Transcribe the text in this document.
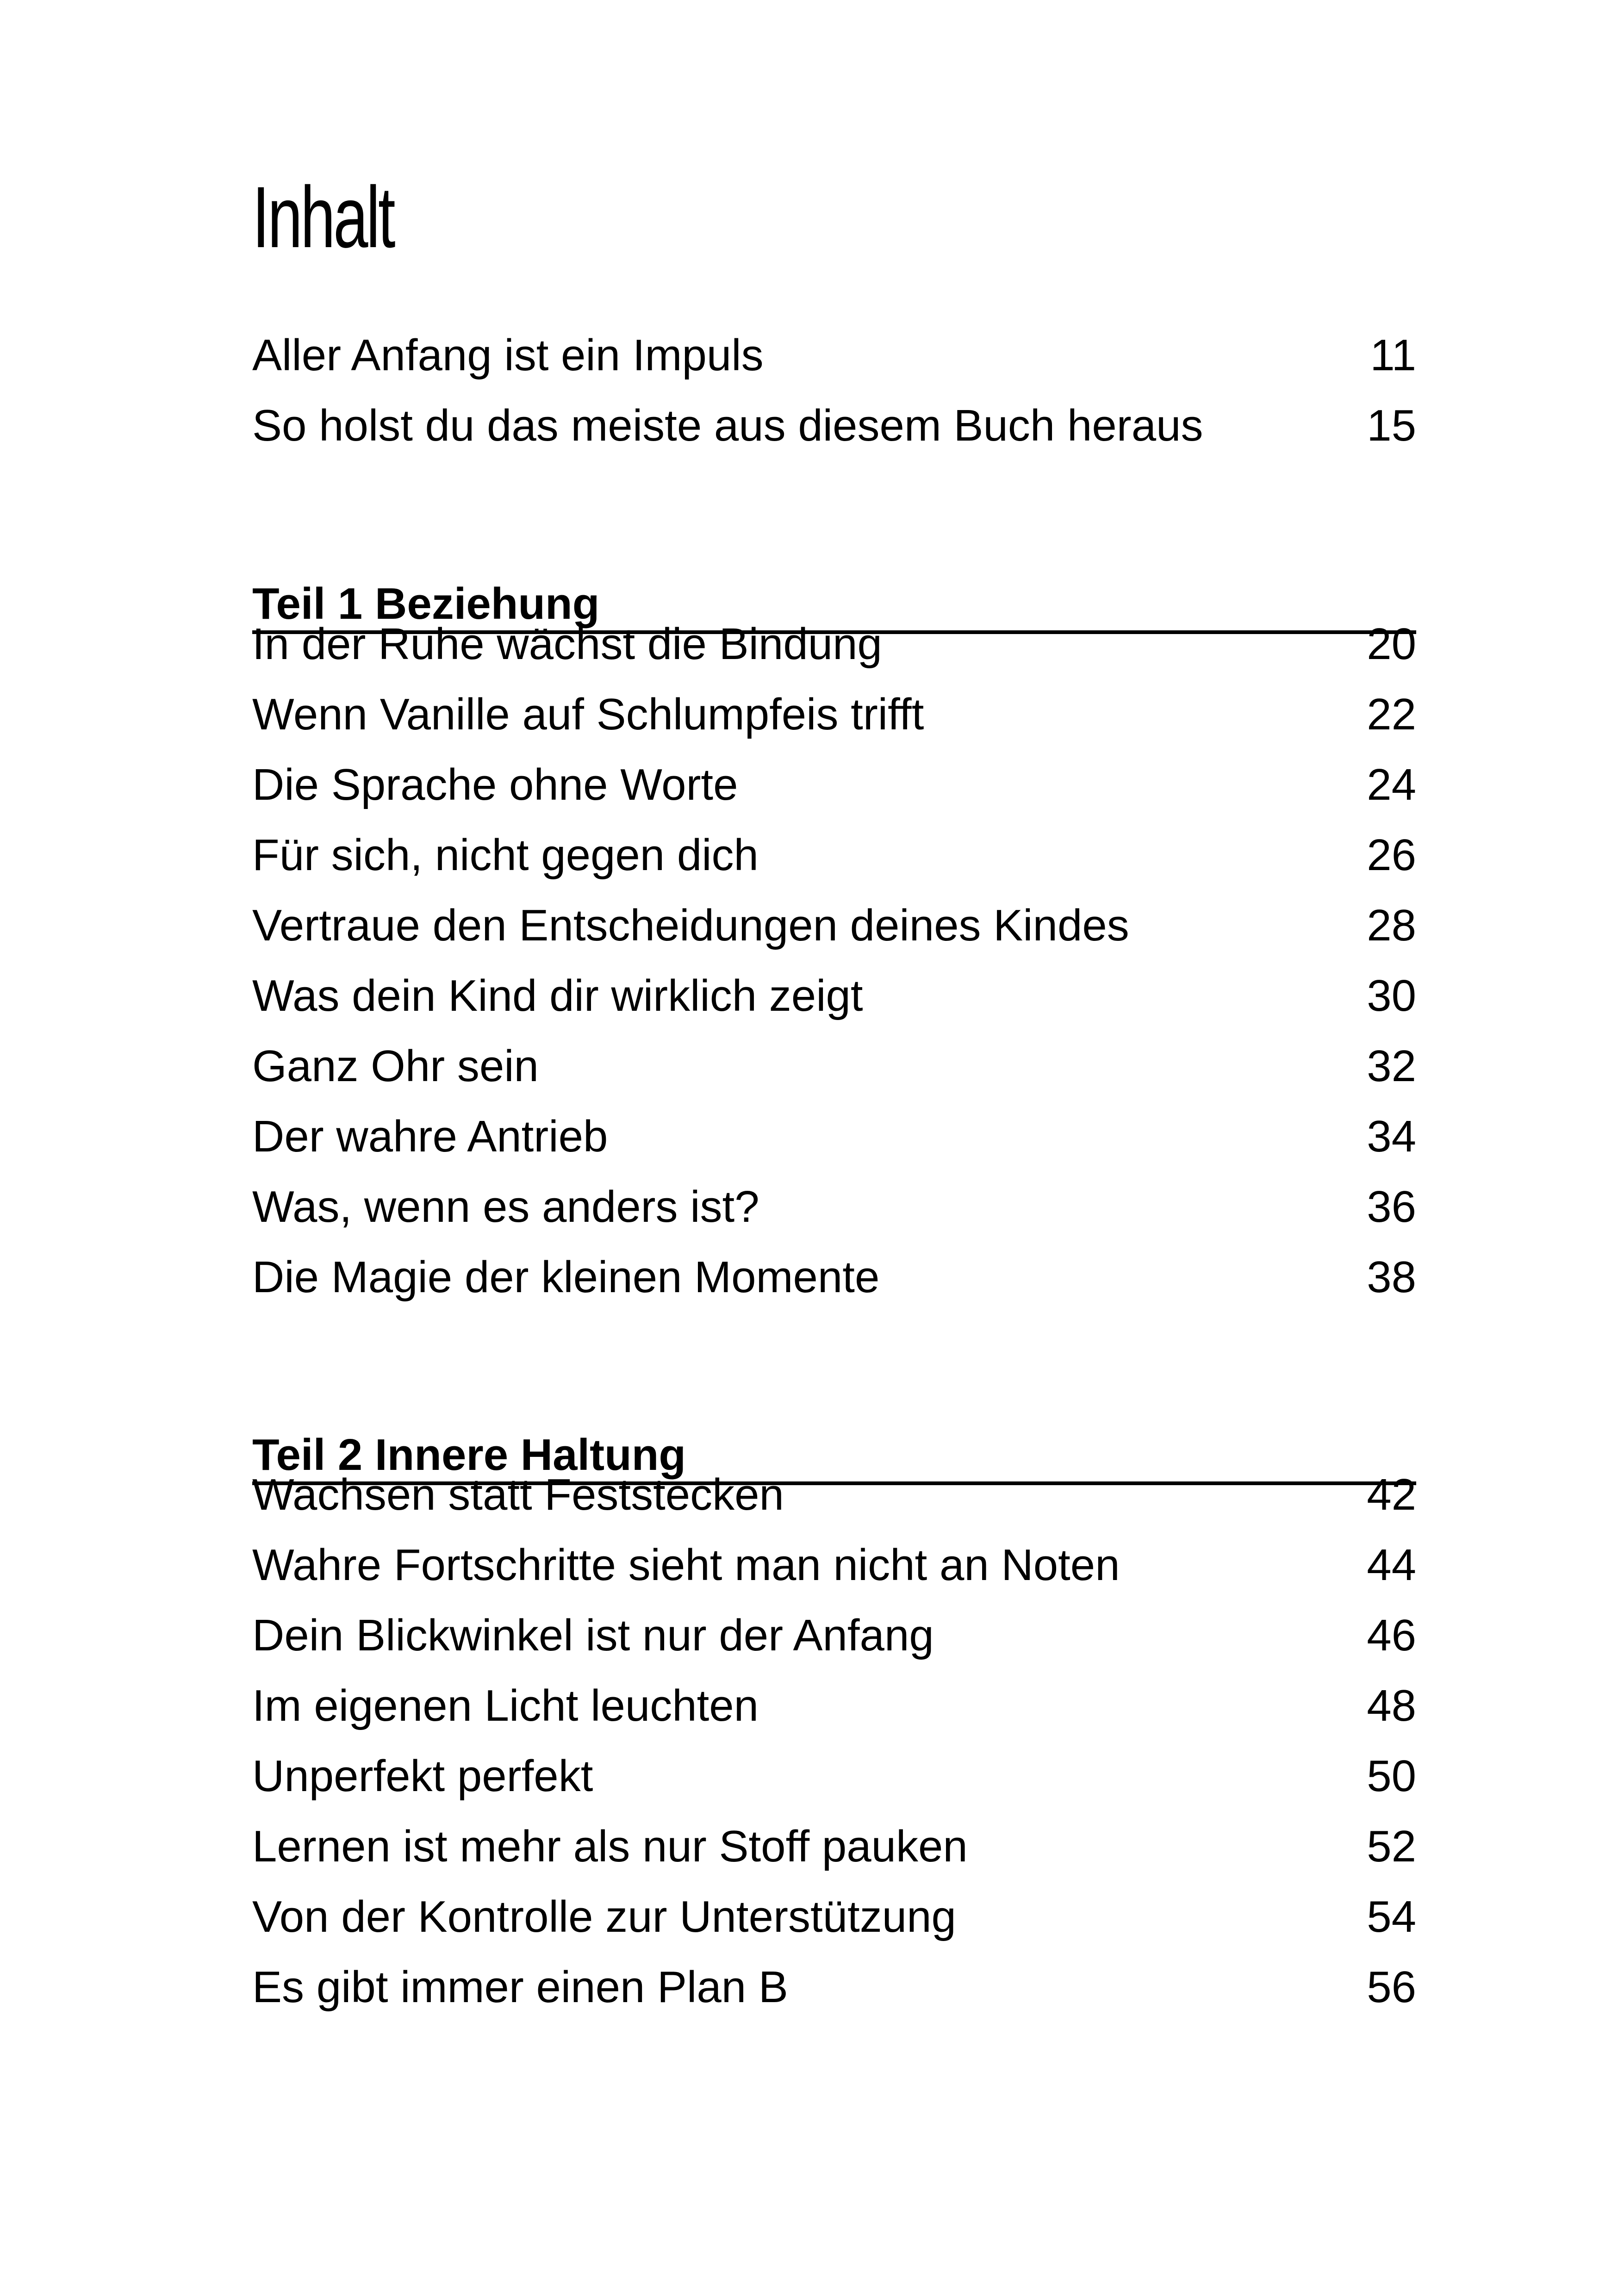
Inhalt
Aller Anfang ist ein Impuls	11
So holst du das meiste aus diesem Buch heraus	15
Teil 1 Beziehung
In der Ruhe wächst die Bindung	20
Wenn Vanille auf Schlumpfeis trifft	22
Die Sprache ohne Worte	24
Für sich, nicht gegen dich	26
Vertraue den Entscheidungen deines Kindes	28
Was dein Kind dir wirklich zeigt	30
Ganz Ohr sein	32
Der wahre Antrieb	34
Was, wenn es anders ist?	36
Die Magie der kleinen Momente	38
Teil 2 Innere Haltung
Wachsen statt Feststecken	42
Wahre Fortschritte sieht man nicht an Noten	44
Dein Blickwinkel ist nur der Anfang	46
Im eigenen Licht leuchten	48
Unperfekt perfekt	50
Lernen ist mehr als nur Stoff pauken	52
Von der Kontrolle zur Unterstützung	54
Es gibt immer einen Plan B	56
